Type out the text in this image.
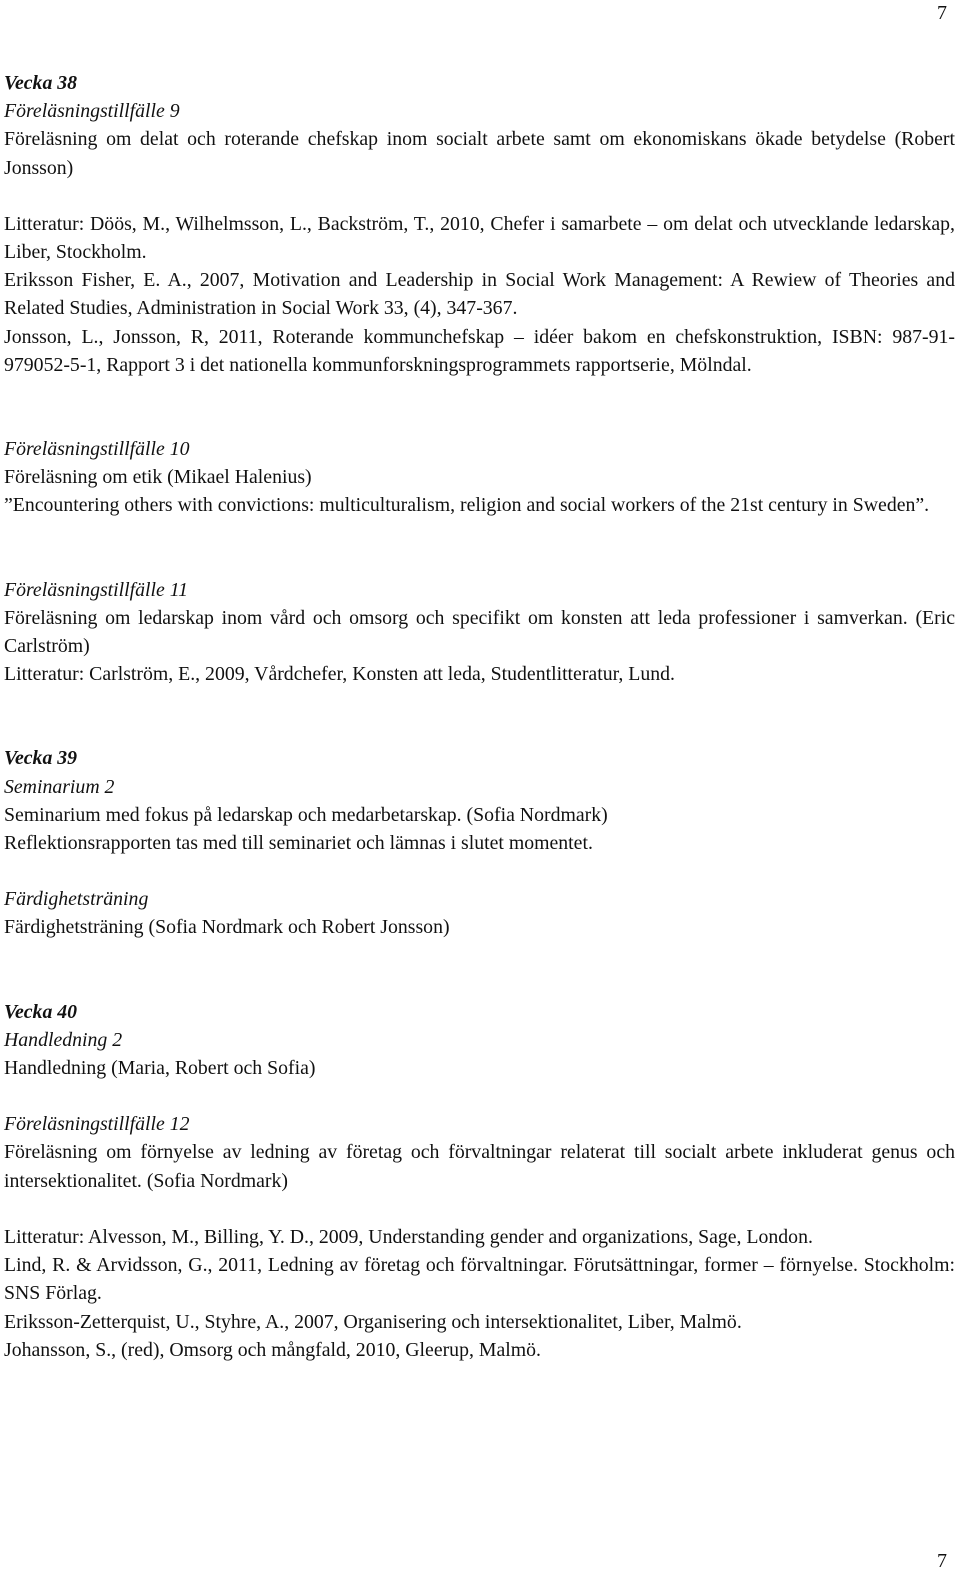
7

Vecka 38

Föreläsningstillfälle 9

Föreläsning om delat och roterande chefskap inom socialt arbete samt om ekonomiskans ökade betydelse (Robert Jonsson)

Litteratur: Döös, M., Wilhelmsson, L., Backström, T., 2010, Chefer i samarbete – om delat och utvecklande ledarskap, Liber, Stockholm.

Eriksson Fisher, E. A., 2007, Motivation and Leadership in Social Work Management: A Rewiew of Theories and Related Studies, Administration in Social Work 33, (4), 347-367.

Jonsson, L., Jonsson, R, 2011, Roterande kommunchefskap – idéer bakom en chefskonstruktion, ISBN: 987-91-979052-5-1, Rapport 3 i det nationella kommunforskningsprogrammets rapportserie, Mölndal.

Föreläsningstillfälle 10

Föreläsning om etik (Mikael Halenius)

”Encountering others with convictions: multiculturalism, religion and social workers of the 21st century in Sweden”.

Föreläsningstillfälle 11

Föreläsning om ledarskap inom vård och omsorg och specifikt om konsten att leda professioner i samverkan. (Eric Carlström)

Litteratur: Carlström, E., 2009, Vårdchefer, Konsten att leda, Studentlitteratur, Lund.

Vecka 39

Seminarium 2

Seminarium med fokus på ledarskap och medarbetarskap. (Sofia Nordmark)

Reflektionsrapporten tas med till seminariet och lämnas i slutet momentet.

Färdighetsträning

Färdighetsträning (Sofia Nordmark och Robert Jonsson)

Vecka 40

Handledning 2

Handledning (Maria, Robert och Sofia)

Föreläsningstillfälle 12

Föreläsning om förnyelse av ledning av företag och förvaltningar relaterat till socialt arbete inkluderat genus och intersektionalitet. (Sofia Nordmark)

Litteratur: Alvesson, M., Billing, Y. D., 2009, Understanding gender and organizations, Sage, London.

Lind, R. & Arvidsson, G., 2011, Ledning av företag och förvaltningar. Förutsättningar, former – förnyelse. Stockholm: SNS Förlag.

Eriksson-Zetterquist, U., Styhre, A., 2007, Organisering och intersektionalitet, Liber, Malmö.

Johansson, S., (red), Omsorg och mångfald, 2010, Gleerup, Malmö.

7
